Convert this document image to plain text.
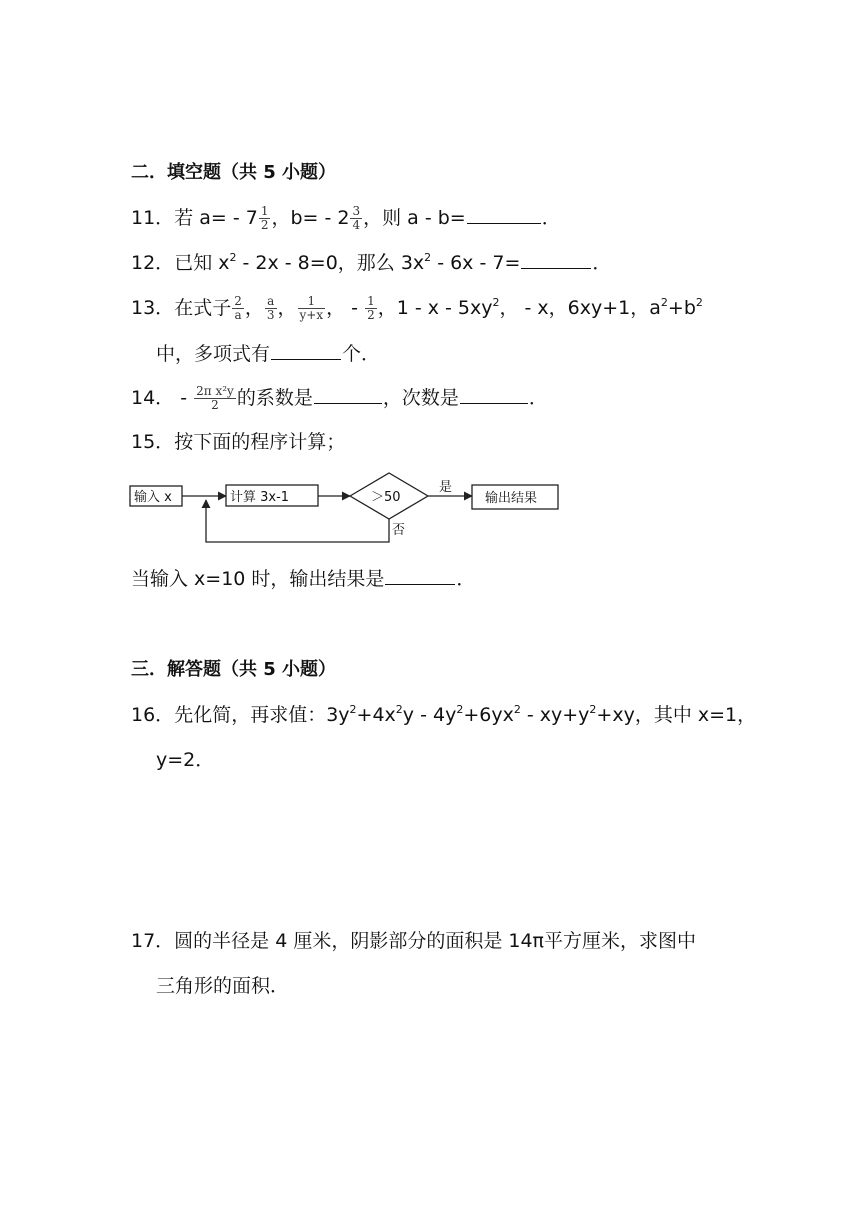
二．填空题（共 5 小题）
11．若 $a= - 7 \frac{1}{2}$ ，$b= - 2 \frac{3}{4}$ ，则 a - b=	．
12．已知 $x^2 - 2x - 8=0$，那么 $3x^2 - 6x - 7=$	．
13．在式子 $\frac{2}{a}$ ， $\frac{a}{3}$ ， $\frac{1}{y+x}$ ， - $\frac{1}{2}$ ，1 - x - $5xy^2$， - x，6xy+1，$a^2+b^2$
中，多项式有	个．
14． - $\frac{\text{2π x²y}}{2}$ 的系数是	，次数是	．
15．按下面的程序计算；
输入 x	计算 3x-1	＞50
是
输出结果
否
当输入 x=10 时，输出结果是	．
三．解答题（共 5 小题）
16．先化简，再求值：$3y^2+4x^2y - 4y^2+6yx^2 - xy+y^2+xy$，其中 x=1，
y=2．
17．圆的半径是 4 厘米，阴影部分的面积是 14π平方厘米，求图中
三角形的面积．
